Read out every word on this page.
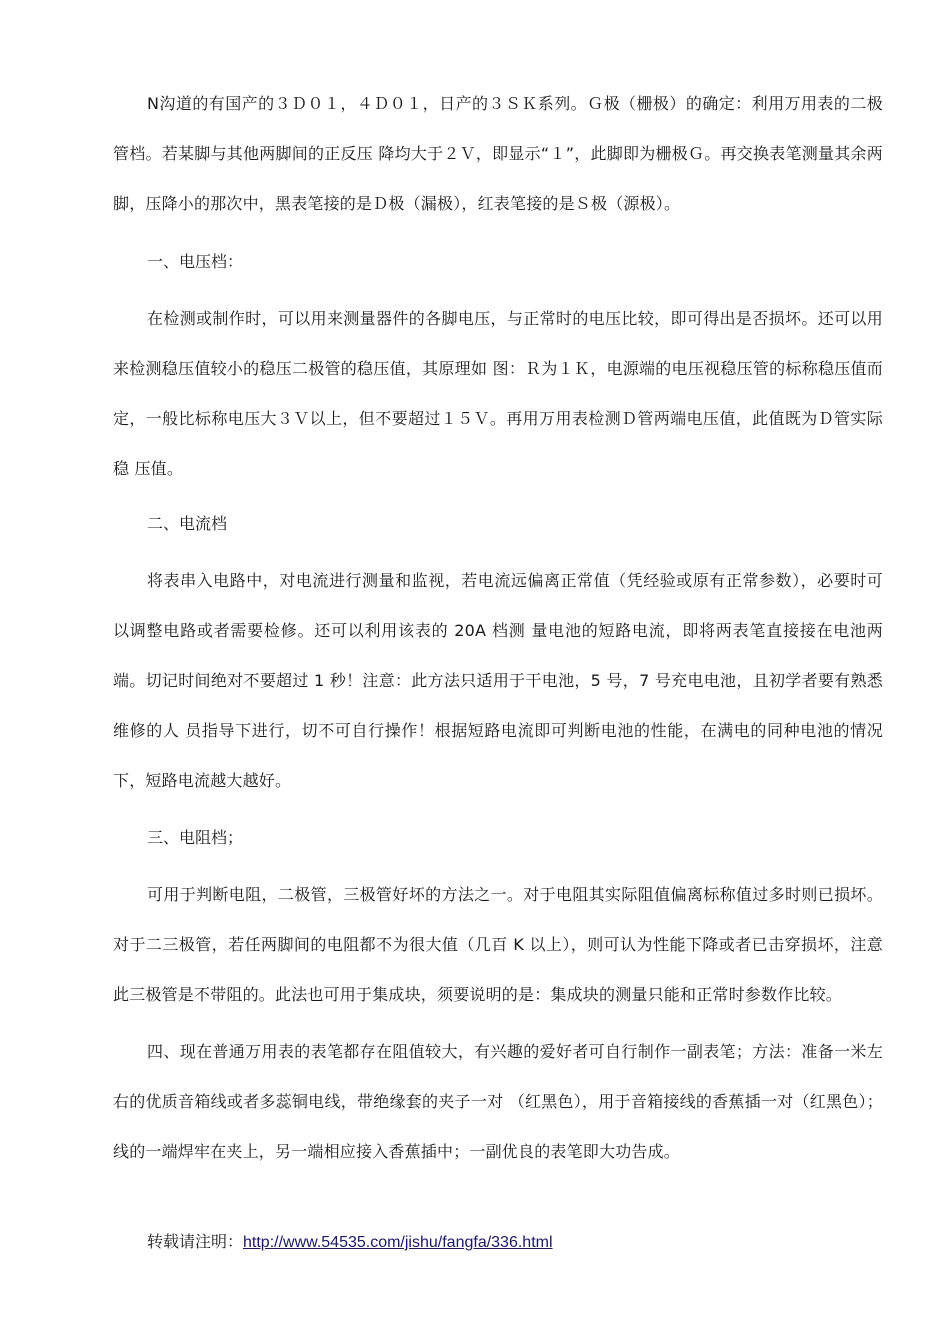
N沟道的有国产的３Ｄ０１，４Ｄ０１，日产的３ＳＫ系列。Ｇ极（栅极）的确定：利用万用表的二极管档。若某脚与其他两脚间的正反压 降均大于２Ｖ，即显示“１”，此脚即为栅极Ｇ。再交换表笔测量其余两脚，压降小的那次中，黑表笔接的是Ｄ极（漏极），红表笔接的是Ｓ极（源极）。

一、电压档：

在检测或制作时，可以用来测量器件的各脚电压，与正常时的电压比较，即可得出是否损坏。还可以用来检测稳压值较小的稳压二极管的稳压值，其原理如 图：Ｒ为１Ｋ，电源端的电压视稳压管的标称稳压值而定，一般比标称电压大３Ｖ以上，但不要超过１５Ｖ。再用万用表检测Ｄ管两端电压值，此值既为Ｄ管实际稳 压值。

二、电流档

将表串入电路中，对电流进行测量和监视，若电流远偏离正常值（凭经验或原有正常参数），必要时可以调整电路或者需要检修。还可以利用该表的 20A 档测 量电池的短路电流，即将两表笔直接接在电池两端。切记时间绝对不要超过 1 秒！注意：此方法只适用于干电池，5 号，7 号充电电池，且初学者要有熟悉维修的人 员指导下进行，切不可自行操作！根据短路电流即可判断电池的性能，在满电的同种电池的情况下，短路电流越大越好。

三、电阻档；

可用于判断电阻，二极管，三极管好坏的方法之一。对于电阻其实际阻值偏离标称值过多时则已损坏。对于二三极管，若任两脚间的电阻都不为很大值（几百 K 以上），则可认为性能下降或者已击穿损坏，注意此三极管是不带阻的。此法也可用于集成块，须要说明的是：集成块的测量只能和正常时参数作比较。

四、现在普通万用表的表笔都存在阻值较大，有兴趣的爱好者可自行制作一副表笔；方法：准备一米左右的优质音箱线或者多蕊铜电线，带绝缘套的夹子一对 （红黑色），用于音箱接线的香蕉插一对（红黑色）；线的一端焊牢在夹上，另一端相应接入香蕉插中；一副优良的表笔即大功告成。

转载请注明：http://www.54535.com/jishu/fangfa/336.html
